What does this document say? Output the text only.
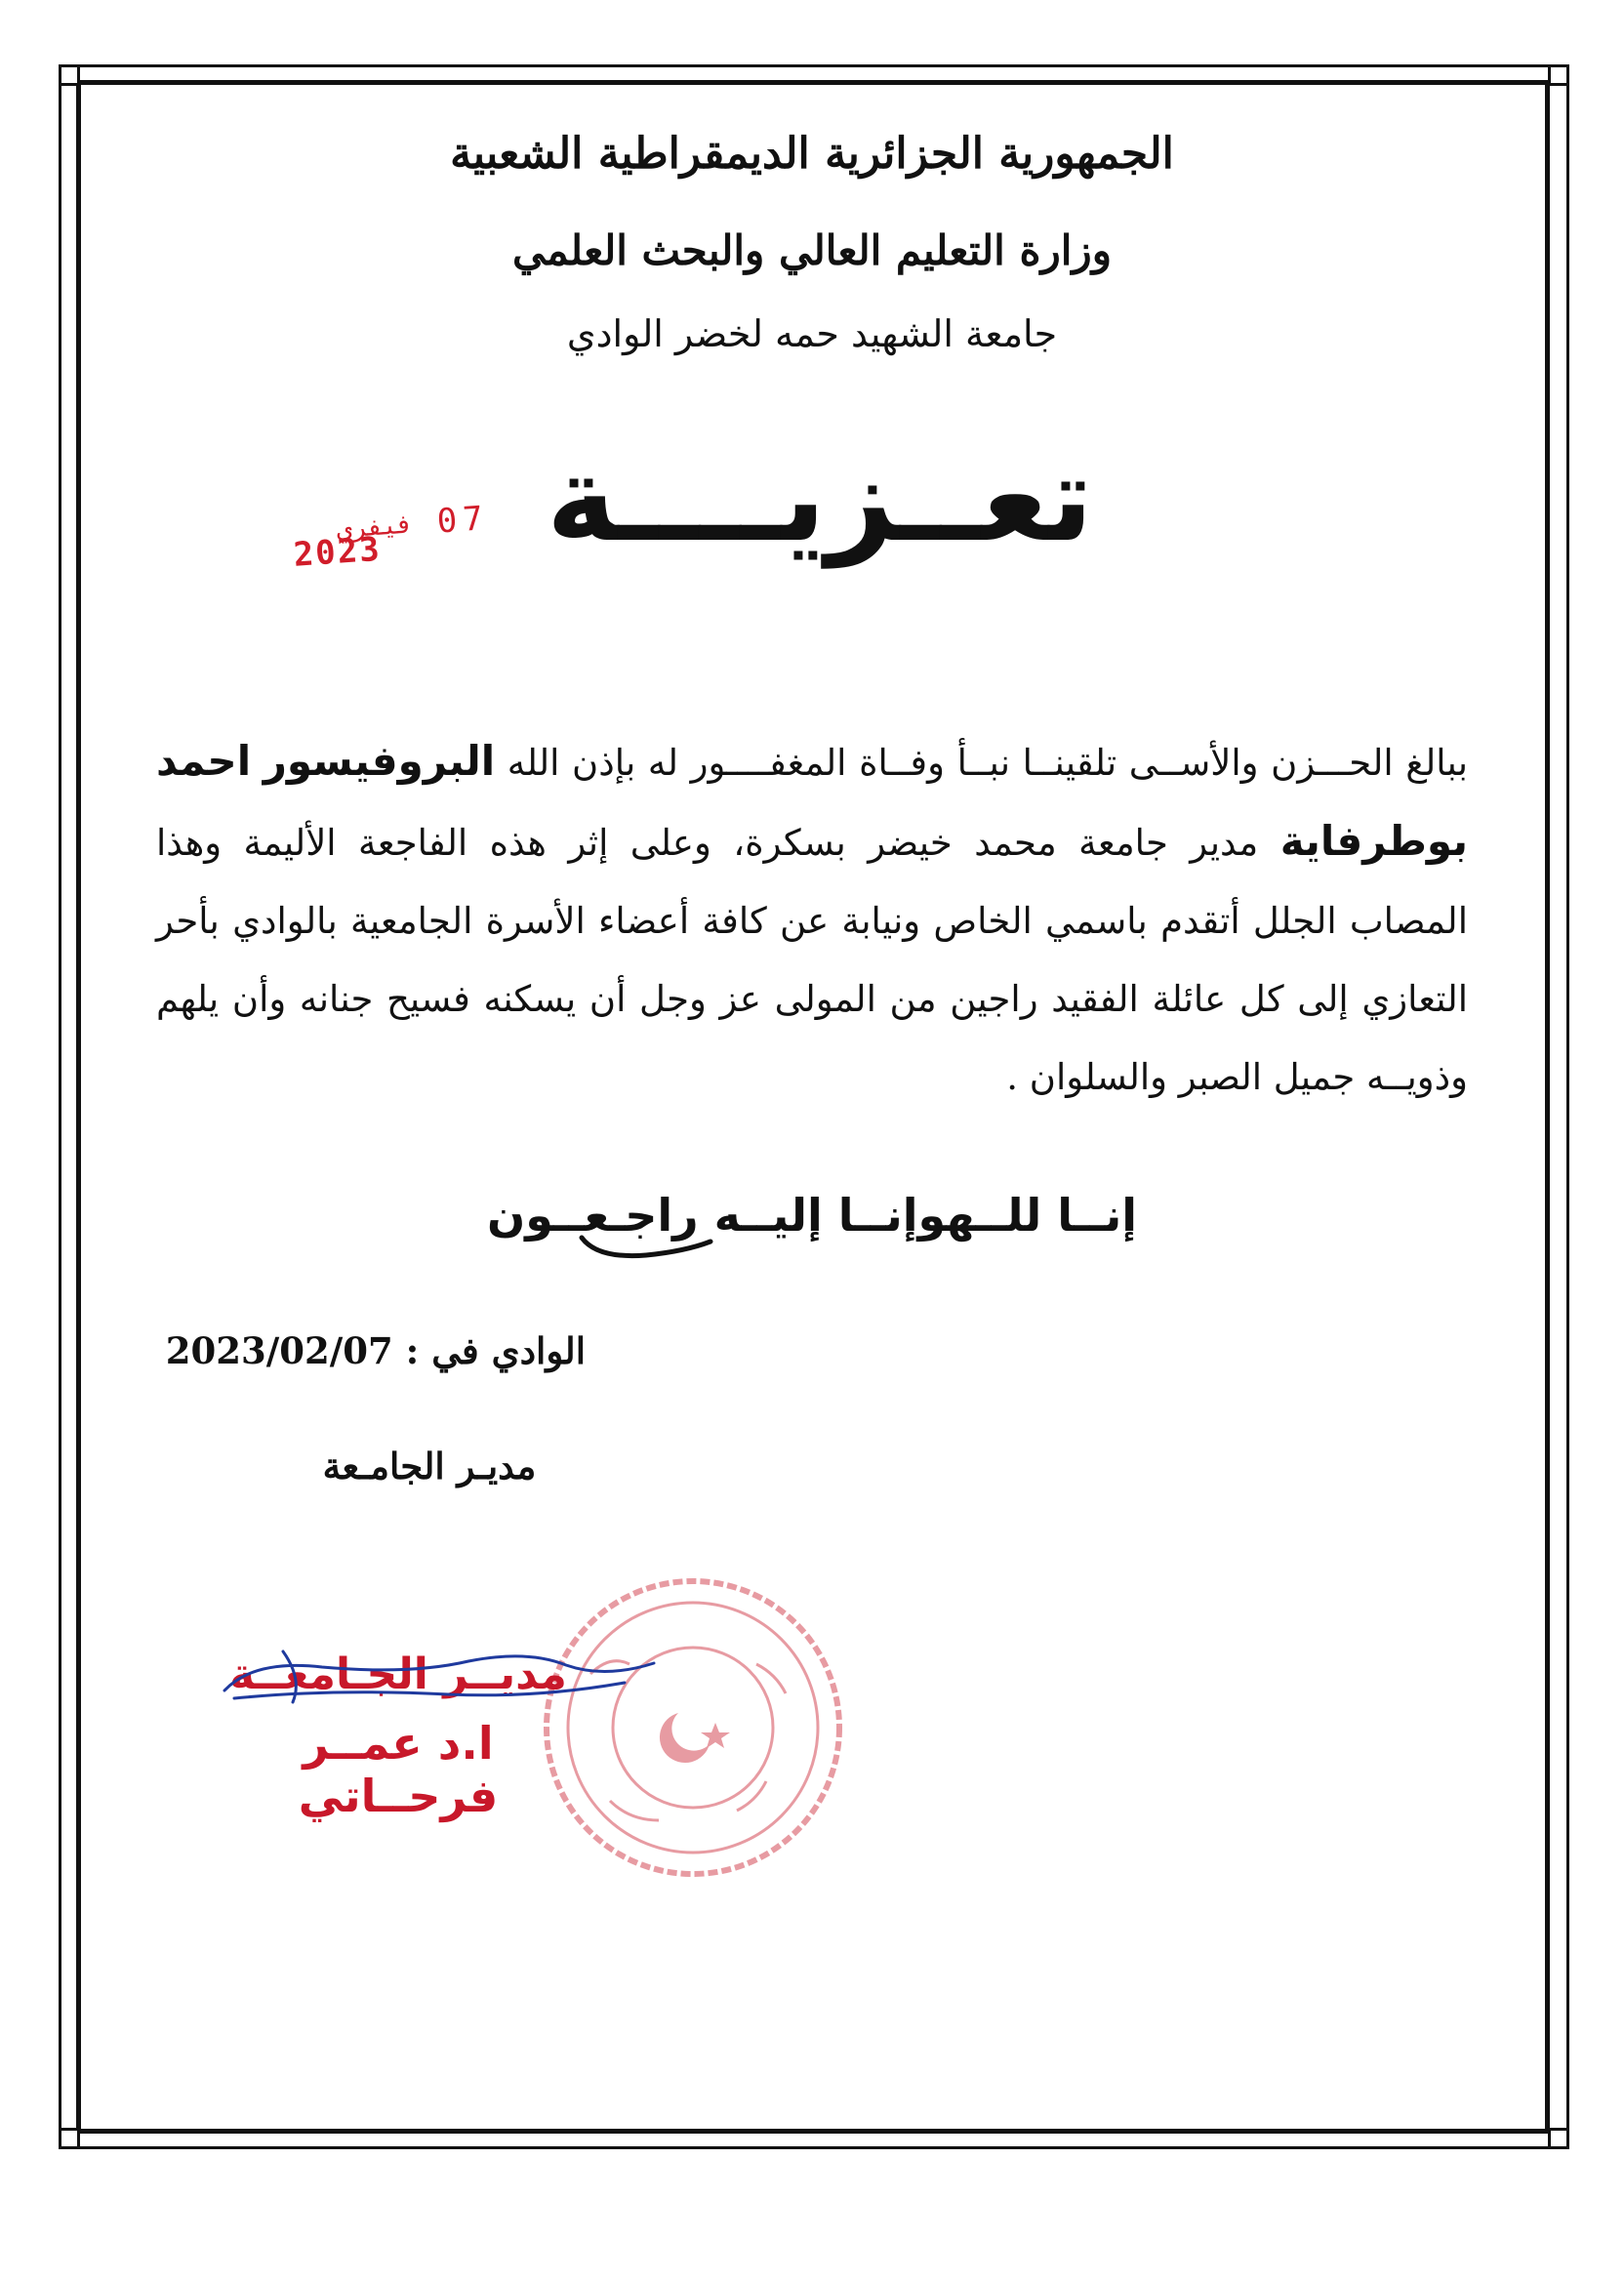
الجمهورية الجزائرية الديمقراطية الشعبية
وزارة التعليم العالي والبحث العلمي
جامعة الشهيد حمه لخضر الوادي
تعــزيــــة
07
فيفري
2023
ببالغ الحـــزن والأســى تلقينــا نبــأ وفــاة المغفــــور له بإذن الله البروفيسور احمد بوطرفاية مدير جامعة محمد خيضر بسكرة، وعلى إثر هذه الفاجعة الأليمة وهذا المصاب الجلل أتقدم باسمي الخاص ونيابة عن كافة أعضاء الأسرة الجامعية بالوادي بأحر التعازي إلى كل عائلة الفقيد راجين من المولى عز وجل أن يسكنه فسيح جنانه وأن يلهم وذويــه جميل الصبر والسلوان .
إنــا للــهوإنــا إليــه راجـعــون
الوادي في : 2023/02/07
مديـر الجامـعة
مديــر الجـامعــة
ا.د عمــر فرحــاتي
